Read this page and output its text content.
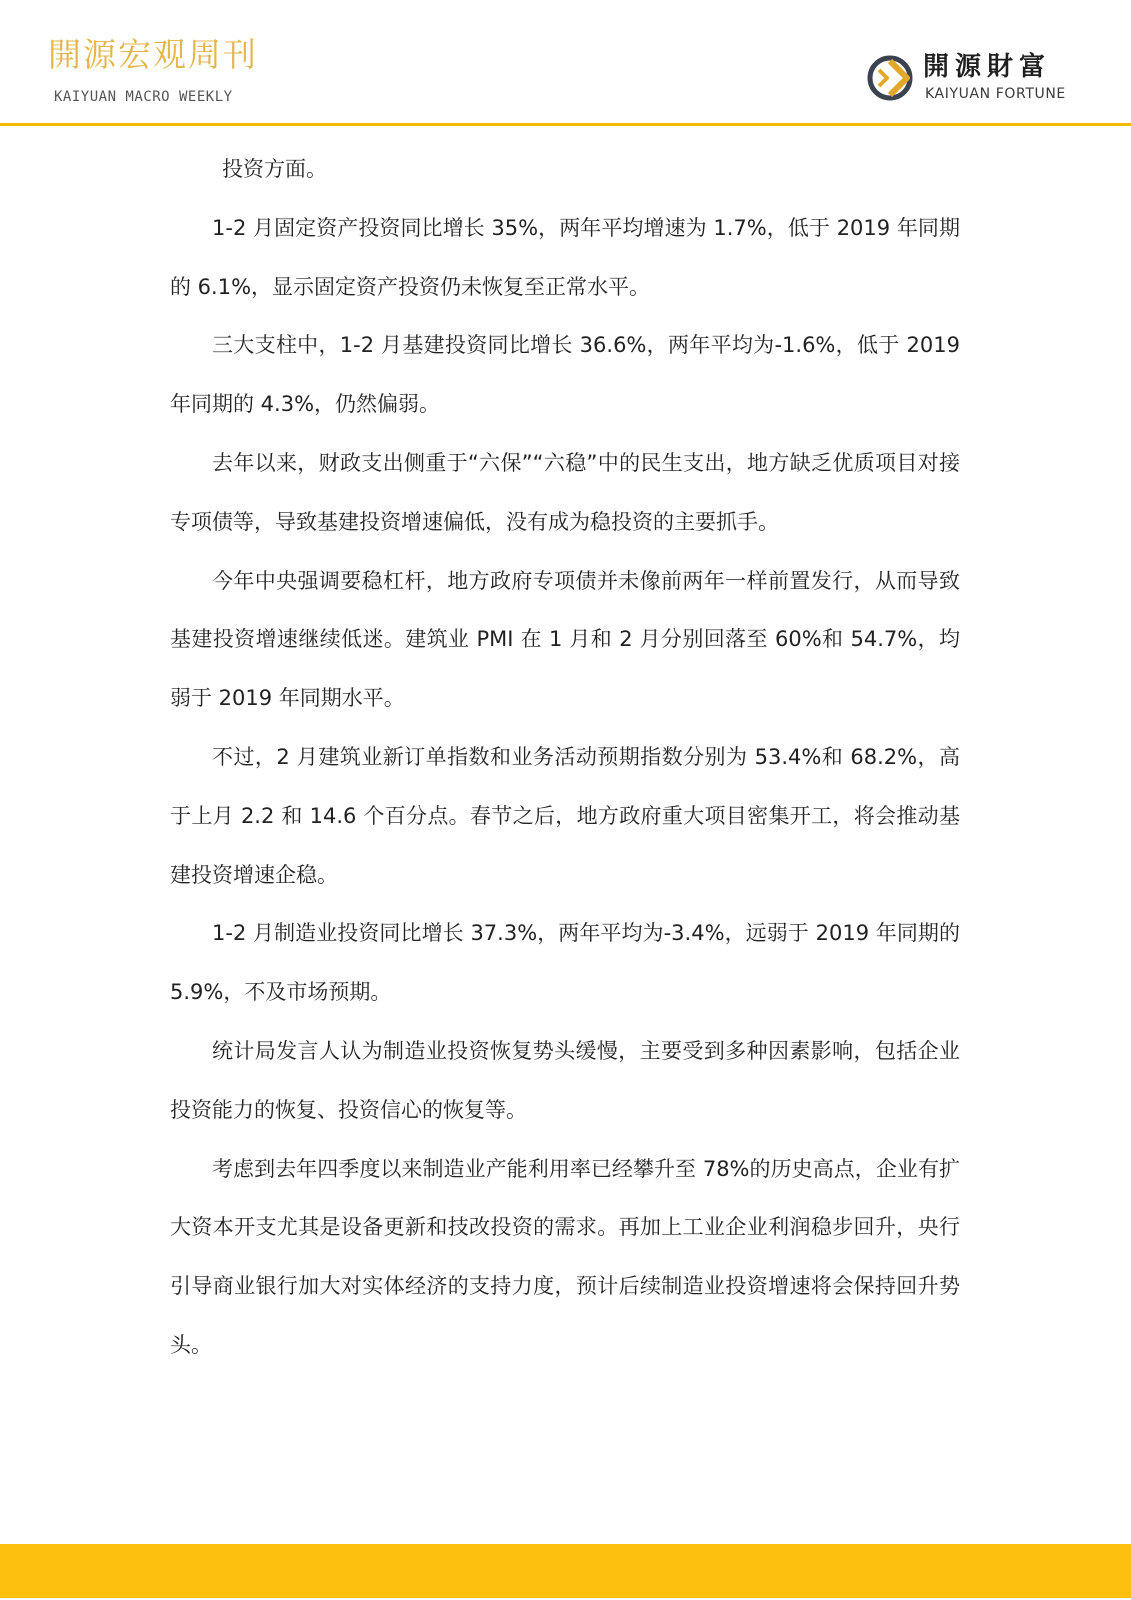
開源宏观周刊
KAIYUAN MACRO WEEKLY
開源財富
KAIYUAN FORTUNE

投资方面。

1-2 月固定资产投资同比增长 35%，两年平均增速为 1.7%，低于 2019 年同期的 6.1%，显示固定资产投资仍未恢复至正常水平。

三大支柱中，1-2 月基建投资同比增长 36.6%，两年平均为-1.6%，低于 2019 年同期的 4.3%，仍然偏弱。

去年以来，财政支出侧重于“六保”“六稳”中的民生支出，地方缺乏优质项目对接专项债等，导致基建投资增速偏低，没有成为稳投资的主要抓手。

今年中央强调要稳杠杆，地方政府专项债并未像前两年一样前置发行，从而导致基建投资增速继续低迷。建筑业 PMI 在 1 月和 2 月分别回落至 60%和 54.7%，均弱于 2019 年同期水平。

不过，2 月建筑业新订单指数和业务活动预期指数分别为 53.4%和 68.2%，高于上月 2.2 和 14.6 个百分点。春节之后，地方政府重大项目密集开工，将会推动基建投资增速企稳。

1-2 月制造业投资同比增长 37.3%，两年平均为-3.4%，远弱于 2019 年同期的 5.9%，不及市场预期。

统计局发言人认为制造业投资恢复势头缓慢，主要受到多种因素影响，包括企业投资能力的恢复、投资信心的恢复等。

考虑到去年四季度以来制造业产能利用率已经攀升至 78%的历史高点，企业有扩大资本开支尤其是设备更新和技改投资的需求。再加上工业企业利润稳步回升，央行引导商业银行加大对实体经济的支持力度，预计后续制造业投资增速将会保持回升势头。
